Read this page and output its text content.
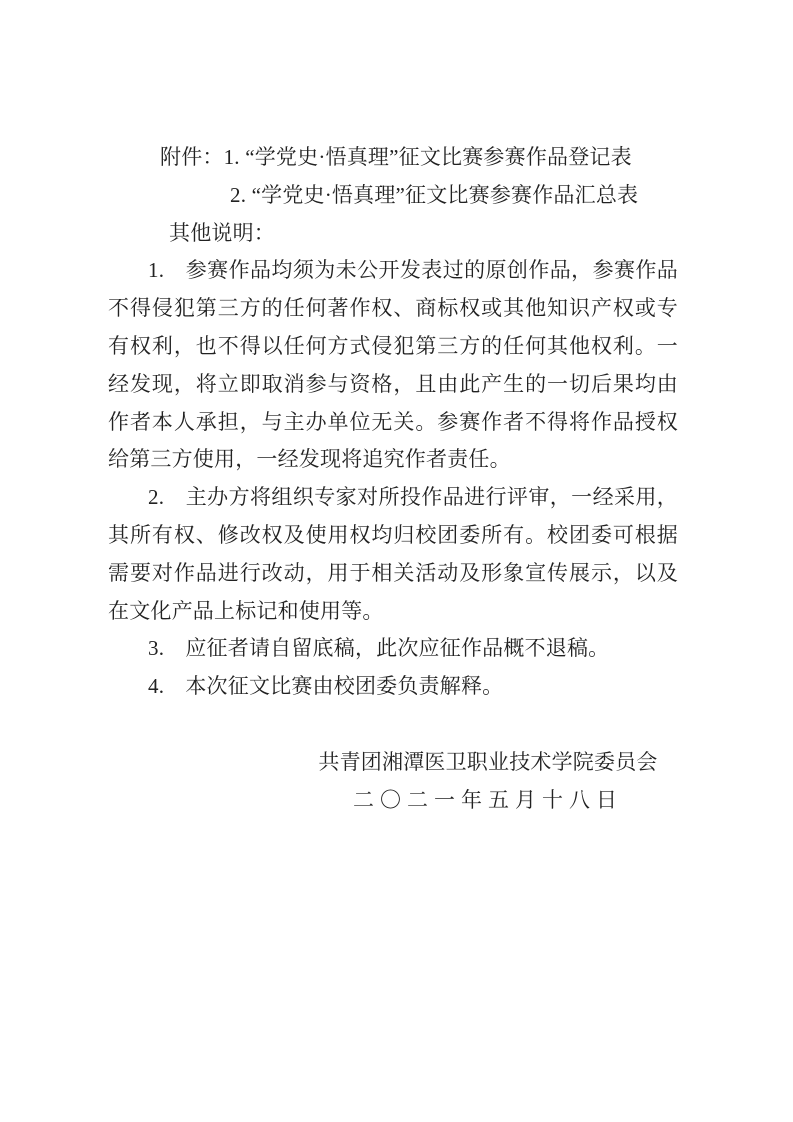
附件：1. “学党史·悟真理”征文比赛参赛作品登记表
2. “学党史·悟真理”征文比赛参赛作品汇总表
其他说明：

1.　参赛作品均须为未公开发表过的原创作品，参赛作品不得侵犯第三方的任何著作权、商标权或其他知识产权或专有权利，也不得以任何方式侵犯第三方的任何其他权利。一经发现，将立即取消参与资格，且由此产生的一切后果均由作者本人承担，与主办单位无关。参赛作者不得将作品授权给第三方使用，一经发现将追究作者责任。

2.　主办方将组织专家对所投作品进行评审，一经采用，其所有权、修改权及使用权均归校团委所有。校团委可根据需要对作品进行改动，用于相关活动及形象宣传展示，以及在文化产品上标记和使用等。

3.　应征者请自留底稿，此次应征作品概不退稿。

4.　本次征文比赛由校团委负责解释。

共青团湘潭医卫职业技术学院委员会
二〇二一年五月十八日
